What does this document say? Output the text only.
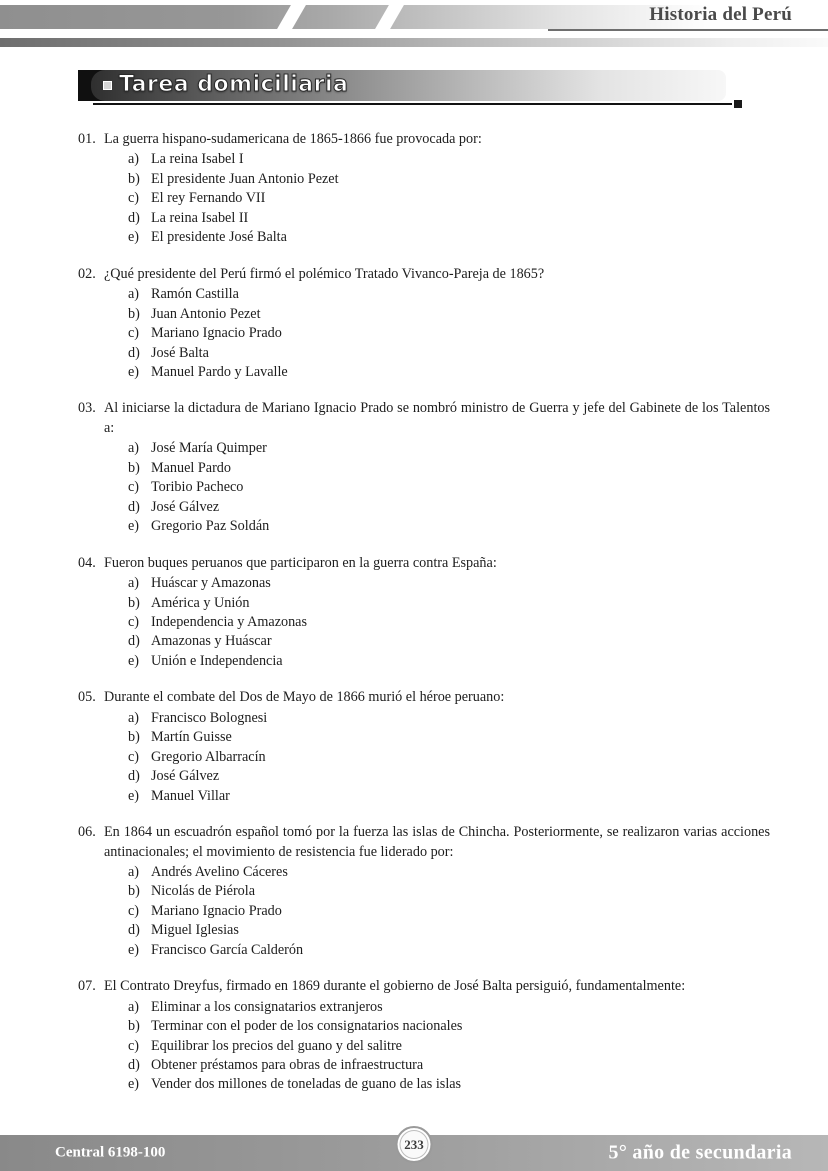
Historia del Perú
Tarea domiciliaria
01. La guerra hispano-sudamericana de 1865-1866 fue provocada por:
a) La reina Isabel I
b) El presidente Juan Antonio Pezet
c) El rey Fernando VII
d) La reina Isabel II
e) El presidente José Balta
02. ¿Qué presidente del Perú firmó el polémico Tratado Vivanco-Pareja de 1865?
a) Ramón Castilla
b) Juan Antonio Pezet
c) Mariano Ignacio Prado
d) José Balta
e) Manuel Pardo y Lavalle
03. Al iniciarse la dictadura de Mariano Ignacio Prado se nombró ministro de Guerra y jefe del Gabinete de los Talentos a:
a) José María Quimper
b) Manuel Pardo
c) Toribio Pacheco
d) José Gálvez
e) Gregorio Paz Soldán
04. Fueron buques peruanos que participaron en la guerra contra España:
a) Huáscar y Amazonas
b) América y Unión
c) Independencia y Amazonas
d) Amazonas y Huáscar
e) Unión e Independencia
05. Durante el combate del Dos de Mayo de 1866 murió el héroe peruano:
a) Francisco Bolognesi
b) Martín Guisse
c) Gregorio Albarracín
d) José Gálvez
e) Manuel Villar
06. En 1864 un escuadrón español tomó por la fuerza las islas de Chincha. Posteriormente, se realizaron varias acciones antinacionales; el movimiento de resistencia fue liderado por:
a) Andrés Avelino Cáceres
b) Nicolás de Piérola
c) Mariano Ignacio Prado
d) Miguel Iglesias
e) Francisco García Calderón
07. El Contrato Dreyfus, firmado en 1869 durante el gobierno de José Balta persiguió, fundamentalmente:
a) Eliminar a los consignatarios extranjeros
b) Terminar con el poder de los consignatarios nacionales
c) Equilibrar los precios del guano y del salitre
d) Obtener préstamos para obras de infraestructura
e) Vender dos millones de toneladas de guano de las islas
Central 6198-100
233	5° año de secundaria
